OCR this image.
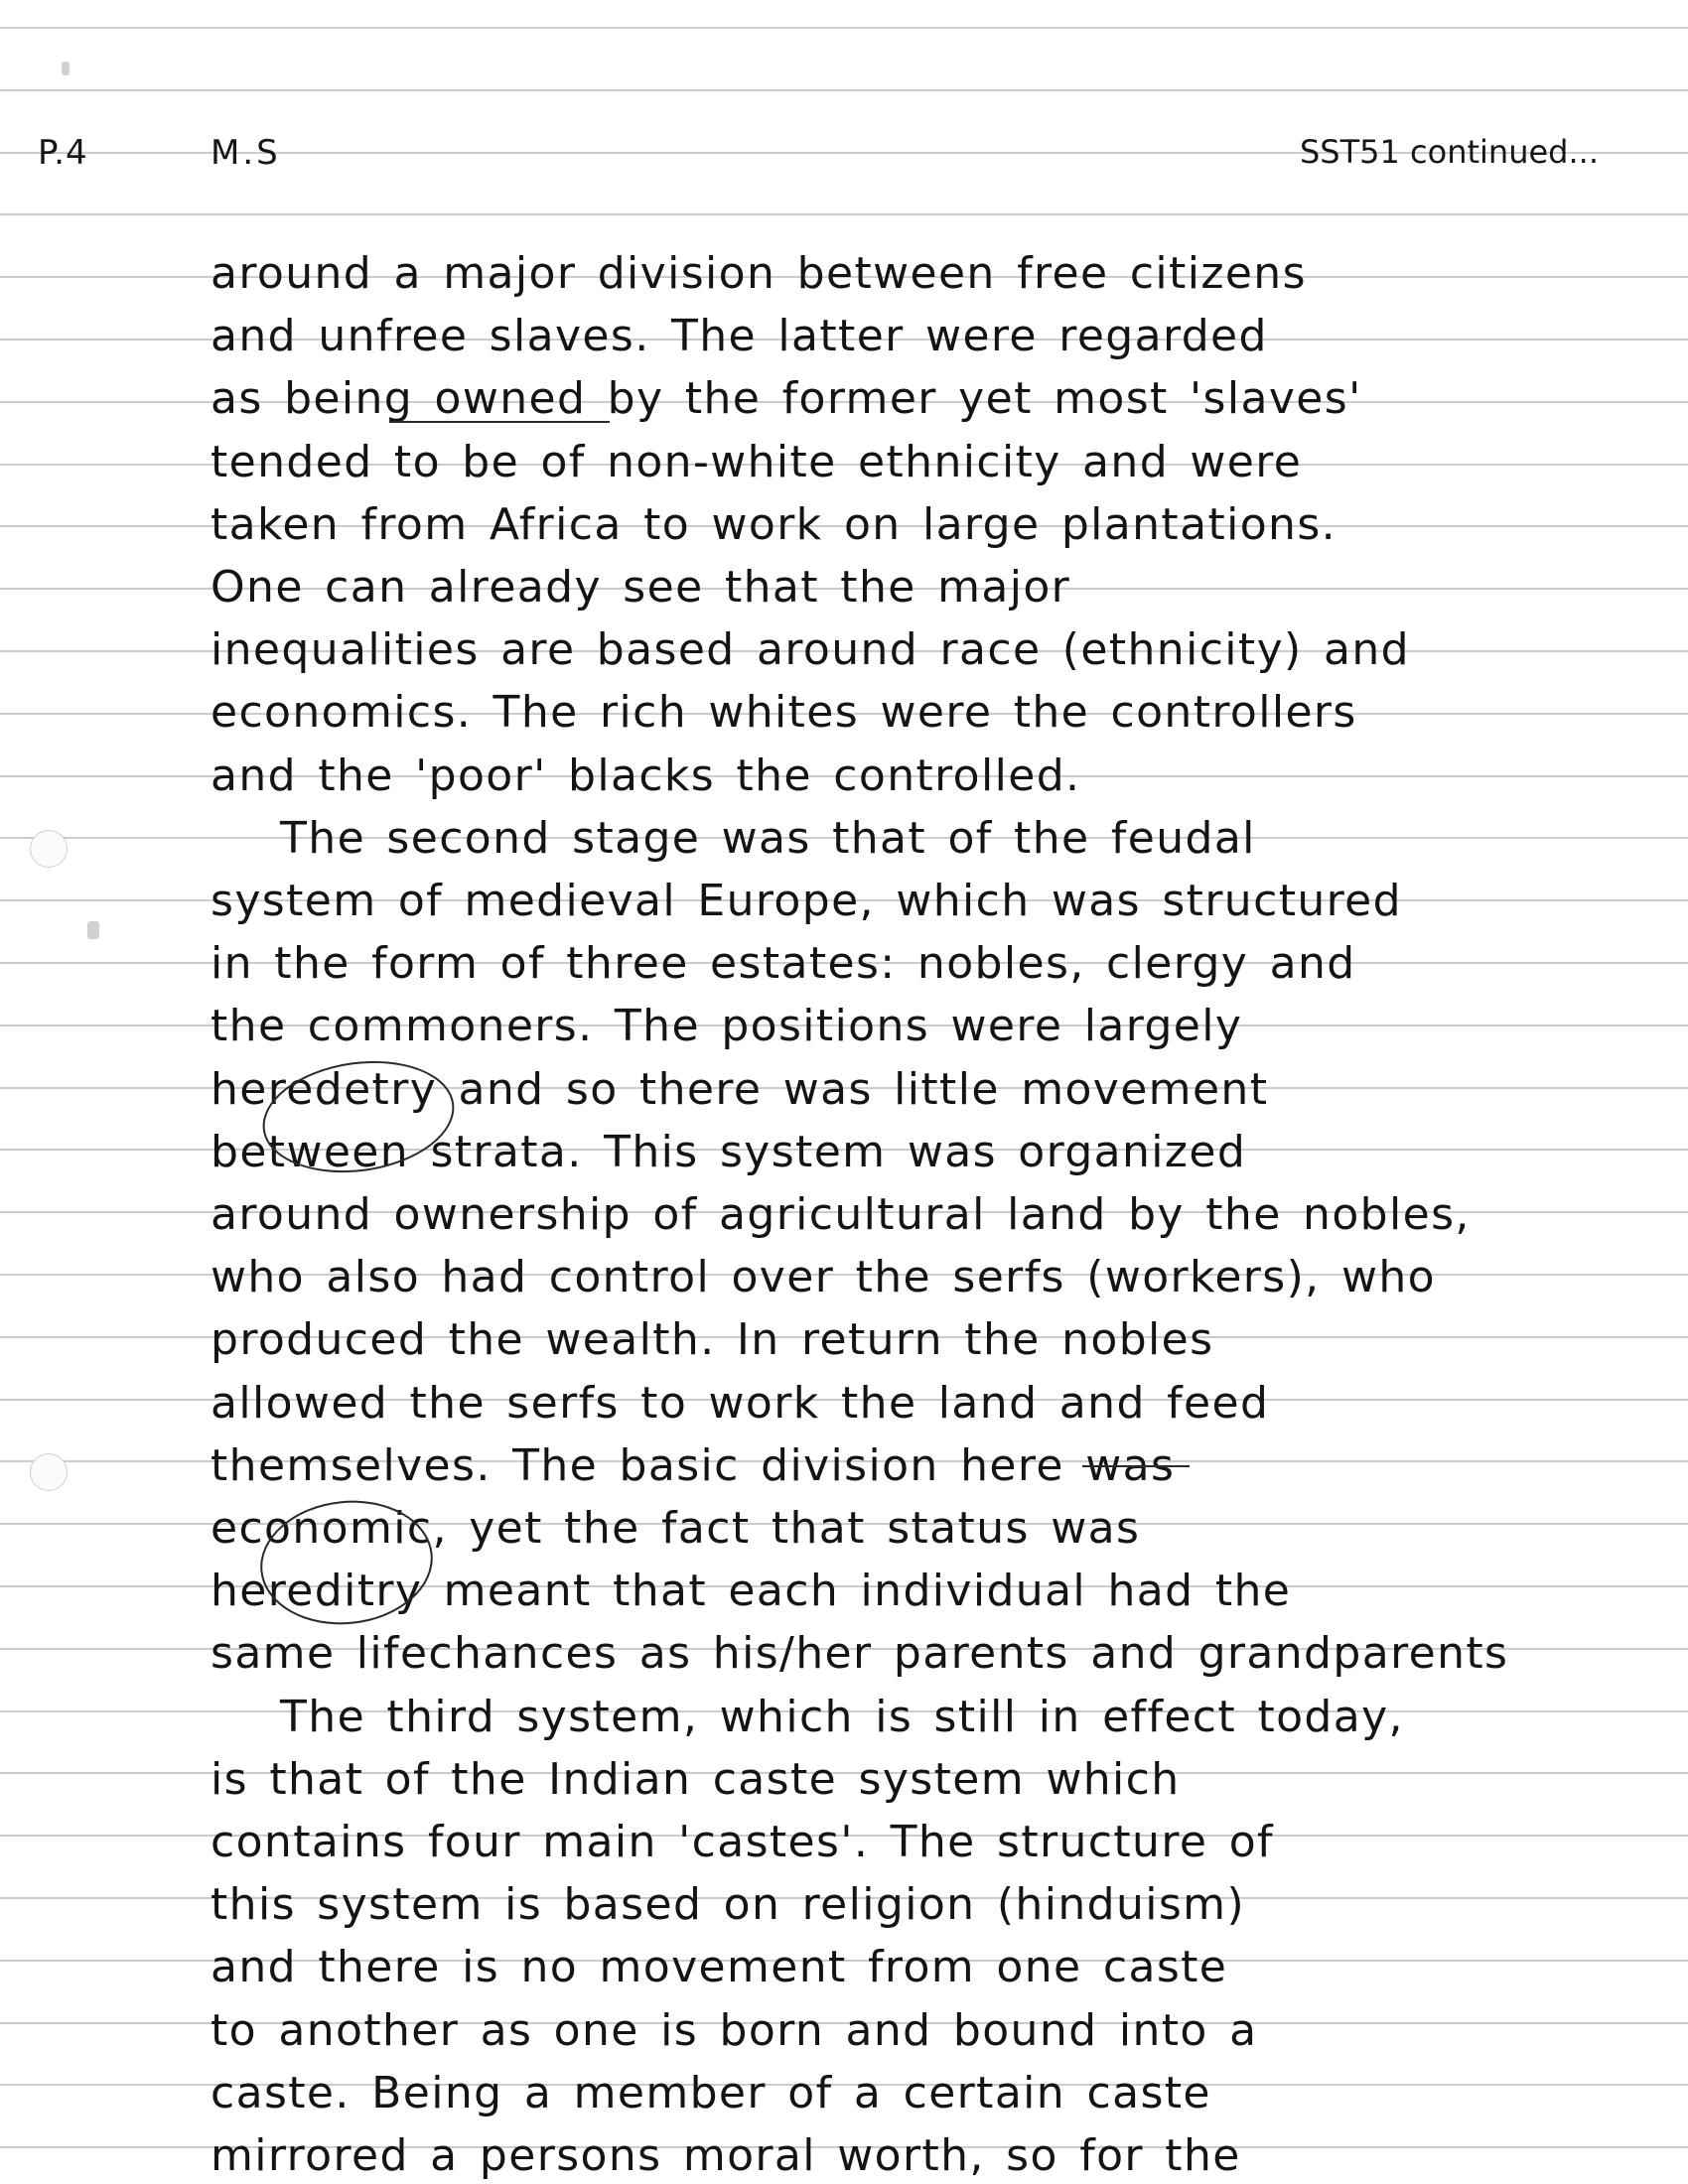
P.4	M.S	SST51 continued...
around a major division between free citizens
and unfree slaves. The latter were regarded
as being owned by the former yet most 'slaves'
tended to be of non-white ethnicity and were
taken from Africa to work on large plantations.
One can already see that the major
inequalities are based around race (ethnicity) and
economics. The rich whites were the controllers
and the 'poor' blacks the controlled.
The second stage was that of the feudal
system of medieval Europe, which was structured
in the form of three estates: nobles, clergy and
the commoners. The positions were largely
heredetry and so there was little movement
between strata. This system was organized
around ownership of agricultural land by the nobles,
who also had control over the serfs (workers), who
produced the wealth. In return the nobles
allowed the serfs to work the land and feed
themselves. The basic division here was
economic, yet the fact that status was
hereditry meant that each individual had the
same lifechances as his/her parents and grandparents
The third system, which is still in effect today,
is that of the Indian caste system which
contains four main 'castes'. The structure of
this system is based on religion (hinduism)
and there is no movement from one caste
to another as one is born and bound into a
caste. Being a member of a certain caste
mirrored a persons moral worth, so for the
